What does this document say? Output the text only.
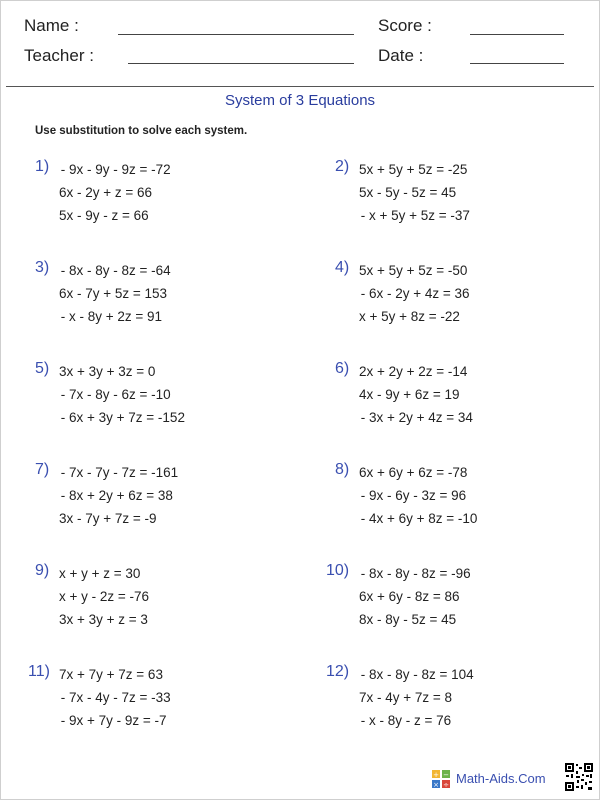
Name :	Score :
Teacher :	Date :
System of 3 Equations
Use substitution to solve each system.
1) - 9x - 9y - 9z = -72
6x - 2y + z = 66
5x - 9y - z = 66
3) - 8x - 8y - 8z = -64
6x - 7y + 5z = 153
- x - 8y + 2z = 91
5) 3x + 3y + 3z = 0
- 7x - 8y - 6z = -10
- 6x + 3y + 7z = -152
7) - 7x - 7y - 7z = -161
- 8x + 2y + 6z = 38
3x - 7y + 7z = -9
9) x + y + z = 30
x + y - 2z = -76
3x + 3y + z = 3
11) 7x + 7y + 7z = 63
- 7x - 4y - 7z = -33
- 9x + 7y - 9z = -7
2) 5x + 5y + 5z = -25
5x - 5y - 5z = 45
- x + 5y + 5z = -37
4) 5x + 5y + 5z = -50
- 6x - 2y + 4z = 36
x + 5y + 8z = -22
6) 2x + 2y + 2z = -14
4x - 9y + 6z = 19
- 3x + 2y + 4z = 34
8) 6x + 6y + 6z = -78
- 9x - 6y - 3z = 96
- 4x + 6y + 8z = -10
10) - 8x - 8y - 8z = -96
6x + 6y - 8z = 86
8x - 8y - 5z = 45
12) - 8x - 8y - 8z = 104
7x - 4y + 7z = 8
- x - 8y - z = 76
+ −
× ÷ Math-Aids.Com
